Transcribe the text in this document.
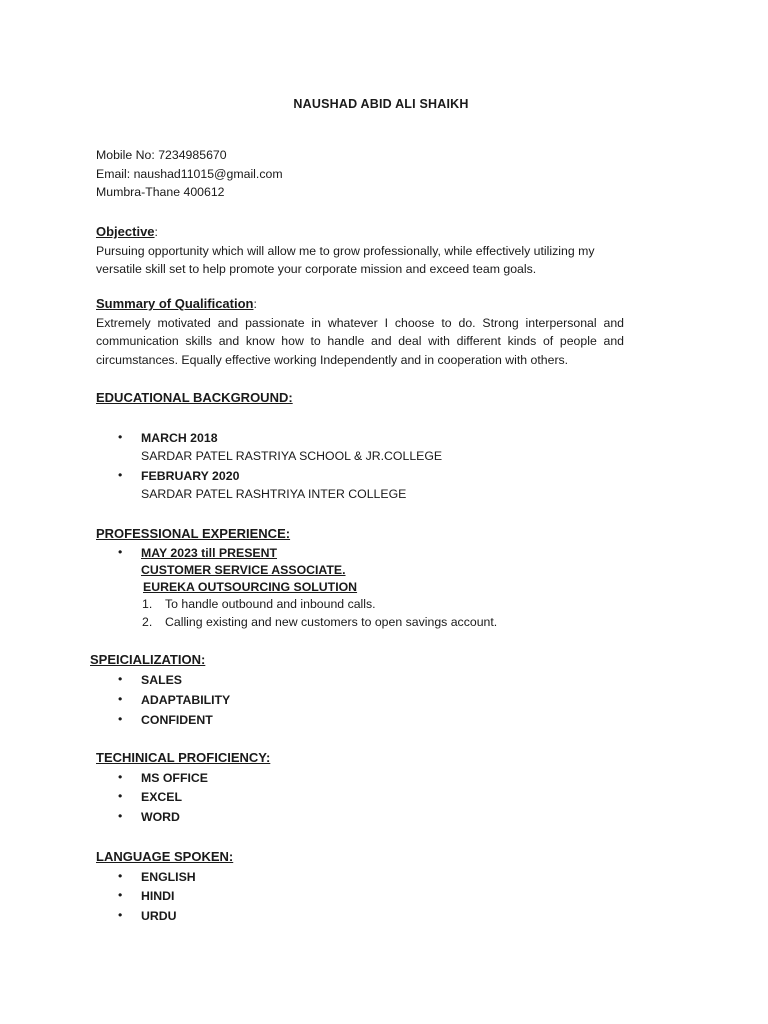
NAUSHAD ABID ALI SHAIKH
Mobile No: 7234985670
Email: naushad11015@gmail.com
Mumbra-Thane 400612
Objective:
Pursuing opportunity which will allow me to grow professionally, while effectively utilizing my versatile skill set to help promote your corporate mission and exceed team goals.
Summary of Qualification:
Extremely motivated and passionate in whatever I choose to do. Strong interpersonal and communication skills and know how to handle and deal with different kinds of people and circumstances. Equally effective working Independently and in cooperation with others.
EDUCATIONAL BACKGROUND:
• MARCH 2018
SARDAR PATEL RASTRIYA SCHOOL & JR.COLLEGE
• FEBRUARY 2020
SARDAR PATEL RASHTRIYA INTER COLLEGE
PROFESSIONAL EXPERIENCE:
• MAY 2023 till PRESENT
CUSTOMER SERVICE ASSOCIATE.
EUREKA OUTSOURCING SOLUTION
1. To handle outbound and inbound calls.
2. Calling existing and new customers to open savings account.
SPEICIALIZATION:
• SALES
• ADAPTABILITY
• CONFIDENT
TECHINICAL PROFICIENCY:
• MS OFFICE
• EXCEL
• WORD
LANGUAGE SPOKEN:
• ENGLISH
• HINDI
• URDU
